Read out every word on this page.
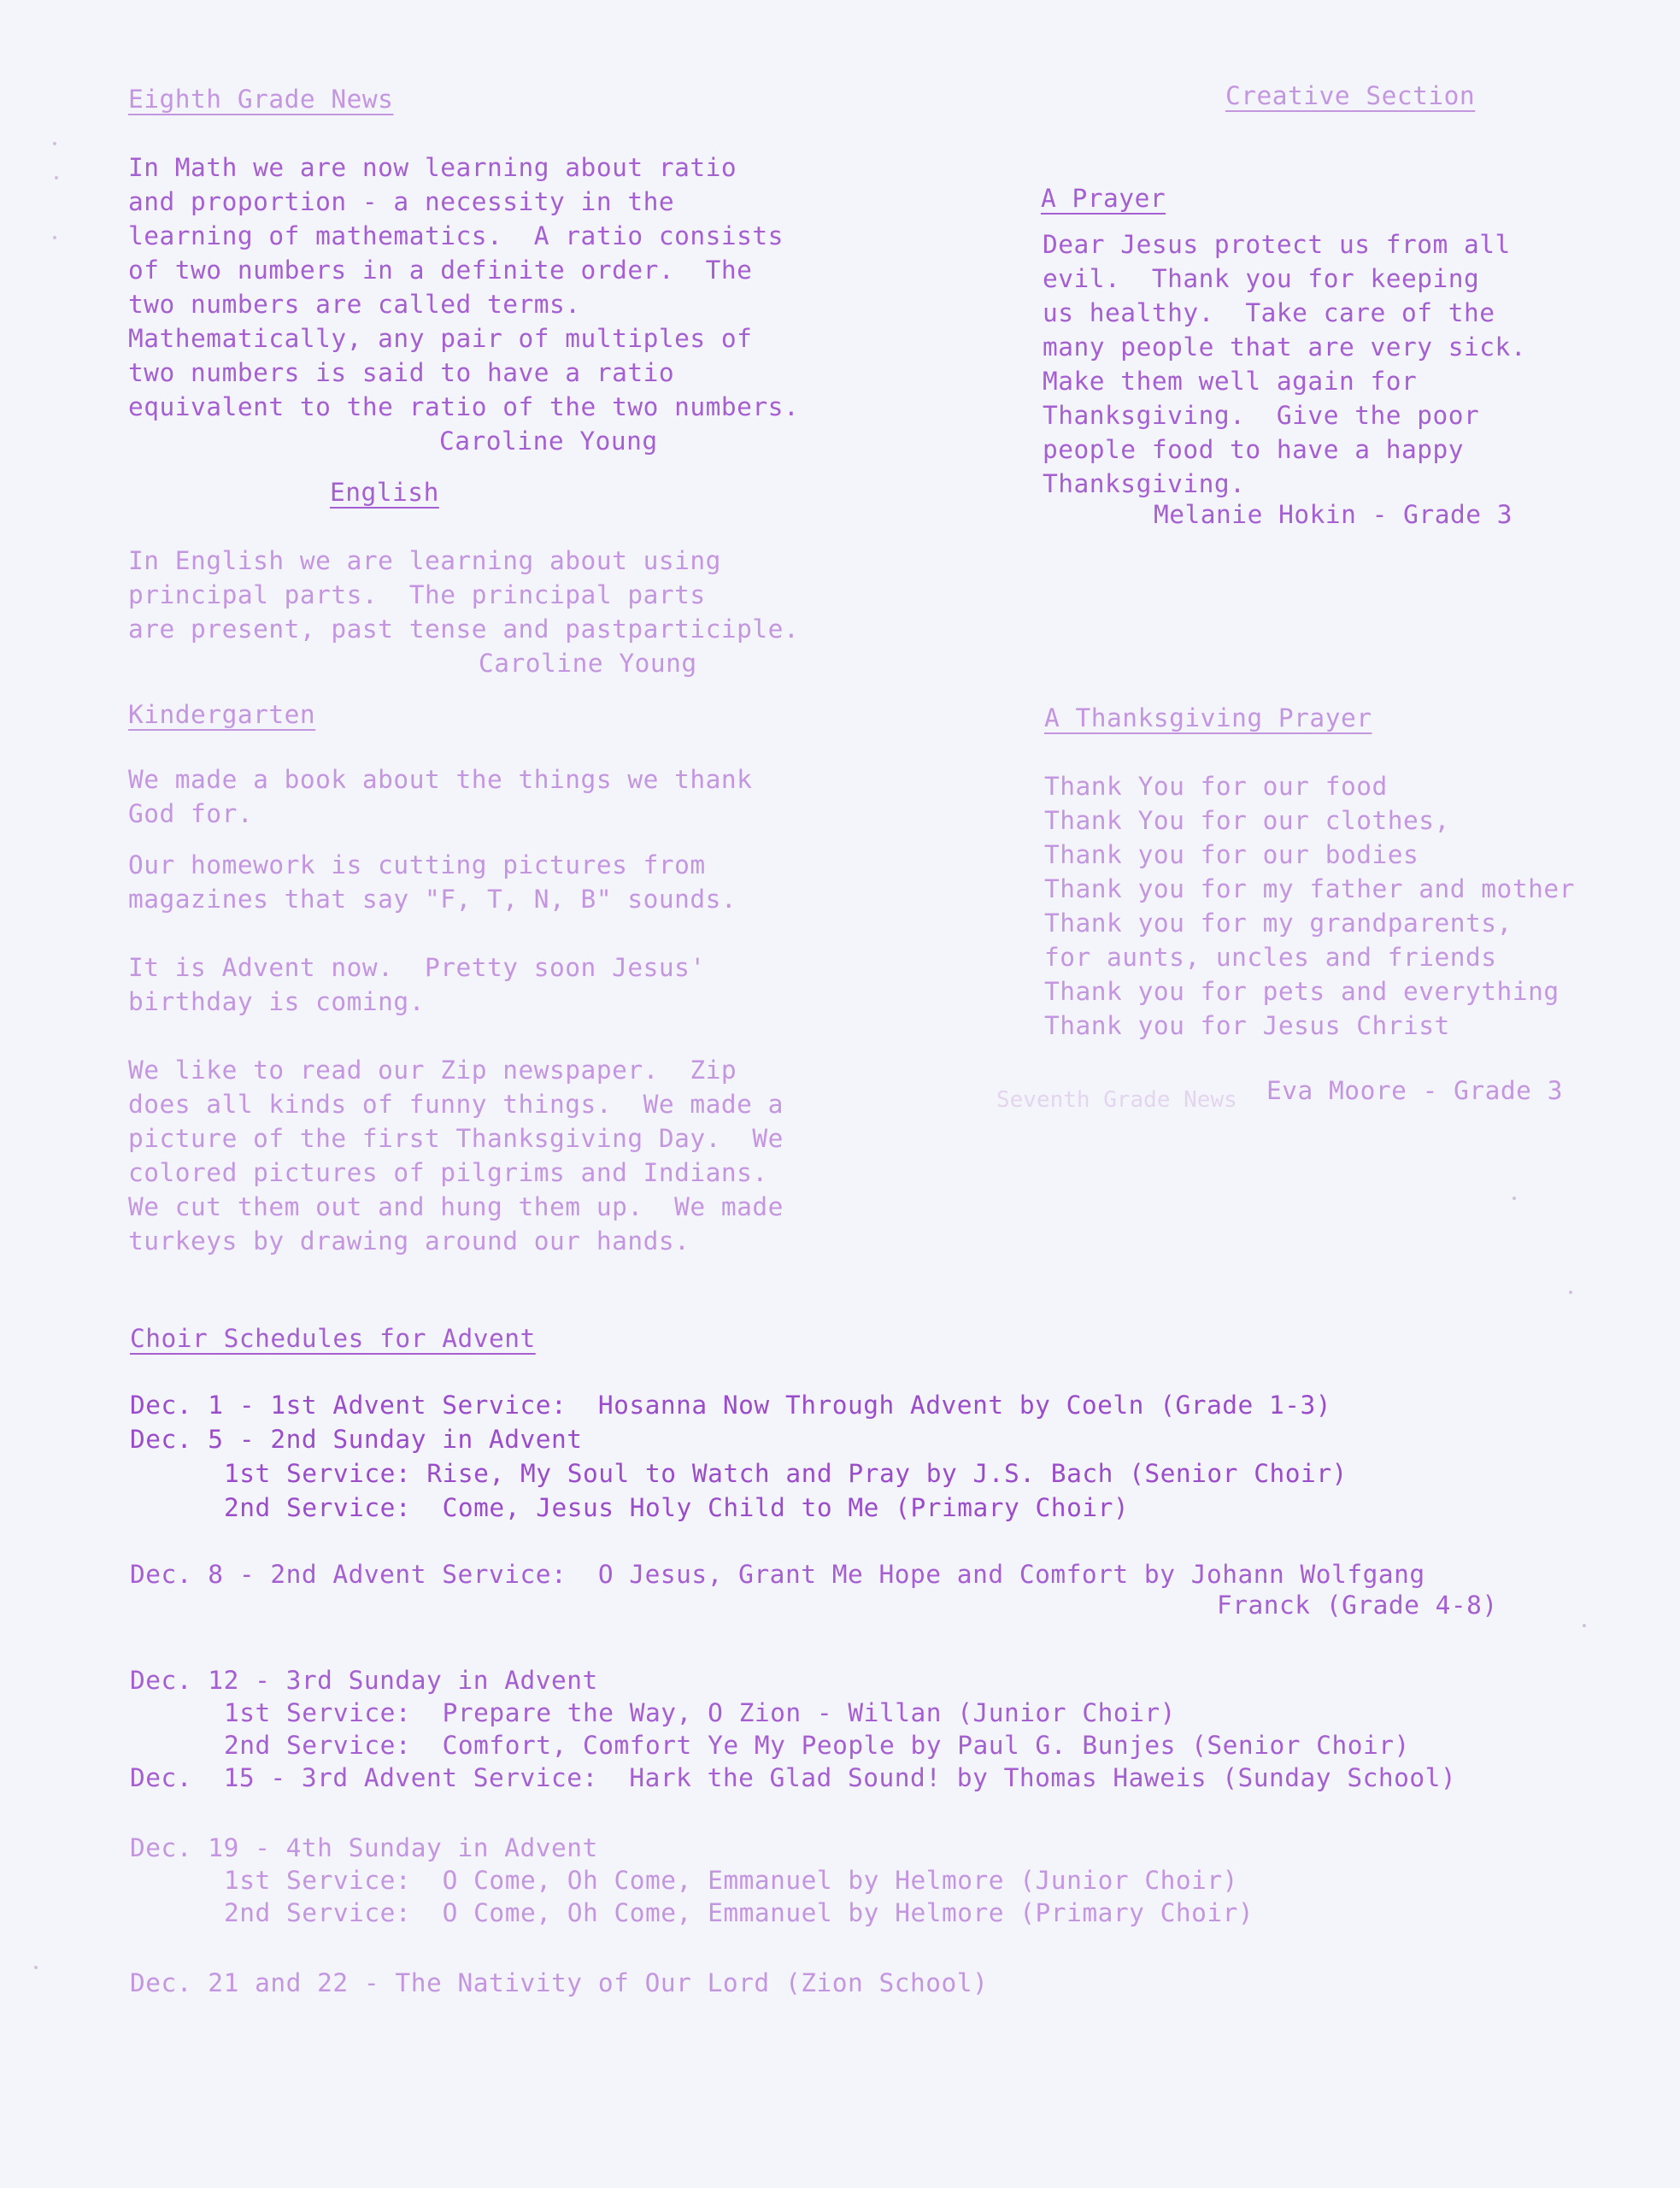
Eighth Grade News
In Math we are now learning about ratio
and proportion - a necessity in the
learning of mathematics.  A ratio consists
of two numbers in a definite order.  The
two numbers are called terms.
Mathematically, any pair of multiples of
two numbers is said to have a ratio
equivalent to the ratio of the two numbers.
Caroline Young
English
In English we are learning about using
principal parts.  The principal parts
are present, past tense and pastparticiple.
Caroline Young
Kindergarten
We made a book about the things we thank
God for.
Our homework is cutting pictures from
magazines that say "F, T, N, B" sounds.
It is Advent now.  Pretty soon Jesus'
birthday is coming.
We like to read our Zip newspaper.  Zip
does all kinds of funny things.  We made a
picture of the first Thanksgiving Day.  We
colored pictures of pilgrims and Indians.
We cut them out and hung them up.  We made
turkeys by drawing around our hands.
Creative Section
A Prayer
Dear Jesus protect us from all
evil.  Thank you for keeping
us healthy.  Take care of the
many people that are very sick.
Make them well again for
Thanksgiving.  Give the poor
people food to have a happy
Thanksgiving.
Melanie Hokin - Grade 3
A Thanksgiving Prayer
Thank You for our food
Thank You for our clothes,
Thank you for our bodies
Thank you for my father and mother
Thank you for my grandparents,
for aunts, uncles and friends
Thank you for pets and everything
Thank you for Jesus Christ
Eva Moore - Grade 3
Seventh Grade News
Choir Schedules for Advent
Dec. 1 - 1st Advent Service:  Hosanna Now Through Advent by Coeln (Grade 1-3)
Dec. 5 - 2nd Sunday in Advent
1st Service: Rise, My Soul to Watch and Pray by J.S. Bach (Senior Choir)
2nd Service:  Come, Jesus Holy Child to Me (Primary Choir)
Dec. 8 - 2nd Advent Service:  O Jesus, Grant Me Hope and Comfort by Johann Wolfgang
Franck (Grade 4-8)
Dec. 12 - 3rd Sunday in Advent
1st Service:  Prepare the Way, O Zion - Willan (Junior Choir)
2nd Service:  Comfort, Comfort Ye My People by Paul G. Bunjes (Senior Choir)
Dec.  15 - 3rd Advent Service:  Hark the Glad Sound! by Thomas Haweis (Sunday School)
Dec. 19 - 4th Sunday in Advent
1st Service:  O Come, Oh Come, Emmanuel by Helmore (Junior Choir)
2nd Service:  O Come, Oh Come, Emmanuel by Helmore (Primary Choir)
Dec. 21 and 22 - The Nativity of Our Lord (Zion School)
